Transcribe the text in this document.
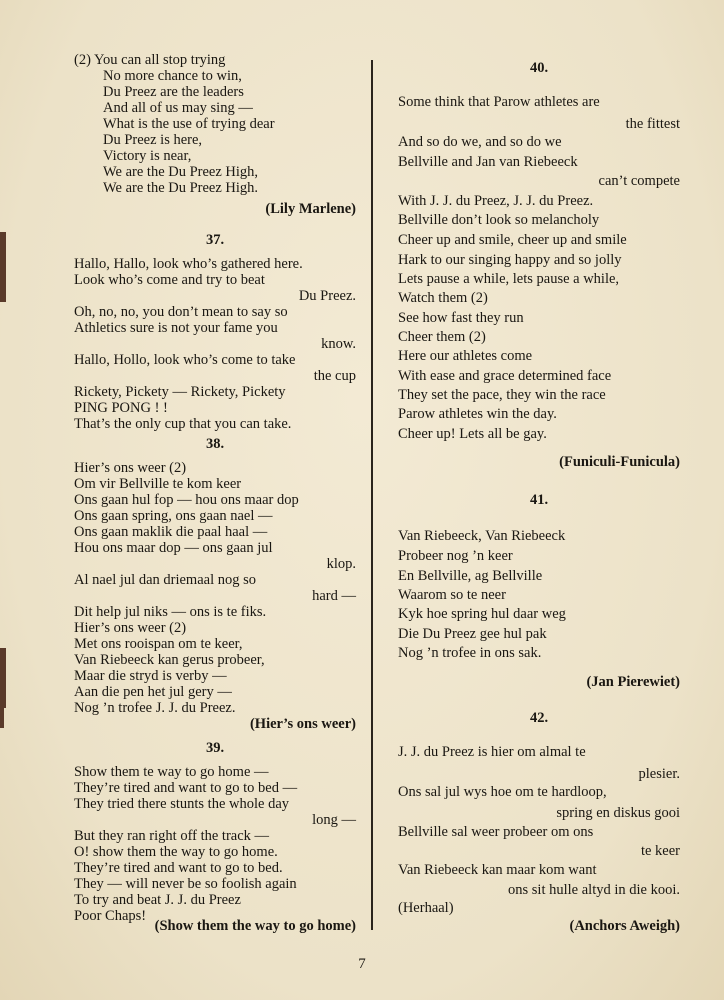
(2) You can all stop trying
No more chance to win,
Du Preez are the leaders
And all of us may sing —
What is the use of trying dear
Du Preez is here,
Victory is near,
We are the Du Preez High,
We are the Du Preez High.
(Lily Marlene)
37.
Hallo, Hallo, look who’s gathered here.
Look who’s come and try to beat
Du Preez.
Oh, no, no, you don’t mean to say so
Athletics sure is not your fame you
know.
Hallo, Hollo, look who’s come to take
the cup
Rickety, Pickety — Rickety, Pickety
PING PONG ! !
That’s the only cup that you can take.
38.
Hier’s ons weer (2)
Om vir Bellville te kom keer
Ons gaan hul fop — hou ons maar dop
Ons gaan spring, ons gaan nael —
Ons gaan maklik die paal haal —
Hou ons maar dop — ons gaan jul
klop.
Al nael jul dan driemaal nog so
hard —
Dit help jul niks — ons is te fiks.
Hier’s ons weer (2)
Met ons rooispan om te keer,
Van Riebeeck kan gerus probeer,
Maar die stryd is verby —
Aan die pen het jul gery —
Nog ’n trofee J. J. du Preez.
(Hier’s ons weer)
39.
Show them te way to go home —
They’re tired and want to go to bed —
They tried there stunts the whole day
long —
But they ran right off the track —
O! show them the way to go home.
They’re tired and want to go to bed.
They — will never be so foolish again
To try and beat J. J. du Preez
Poor Chaps!
(Show them the way to go home)
40.
Some think that Parow athletes are
the fittest
And so do we, and so do we
Bellville and Jan van Riebeeck
can’t compete
With J. J. du Preez, J. J. du Preez.
Bellville don’t look so melancholy
Cheer up and smile, cheer up and smile
Hark to our singing happy and so jolly
Lets pause a while, lets pause a while,
Watch them (2)
See how fast they run
Cheer them (2)
Here our athletes come
With ease and grace determined face
They set the pace, they win the race
Parow athletes win the day.
Cheer up! Lets all be gay.
(Funiculi-Funicula)
41.
Van Riebeeck, Van Riebeeck
Probeer nog ’n keer
En Bellville, ag Bellville
Waarom so te neer
Kyk hoe spring hul daar weg
Die Du Preez gee hul pak
Nog ’n trofee in ons sak.
(Jan Pierewiet)
42.
J. J. du Preez is hier om almal te
plesier.
Ons sal jul wys hoe om te hardloop,
spring en diskus gooi
Bellville sal weer probeer om ons
te keer
Van Riebeeck kan maar kom want
ons sit hulle altyd in die kooi.
(Herhaal)
(Anchors Aweigh)
7
